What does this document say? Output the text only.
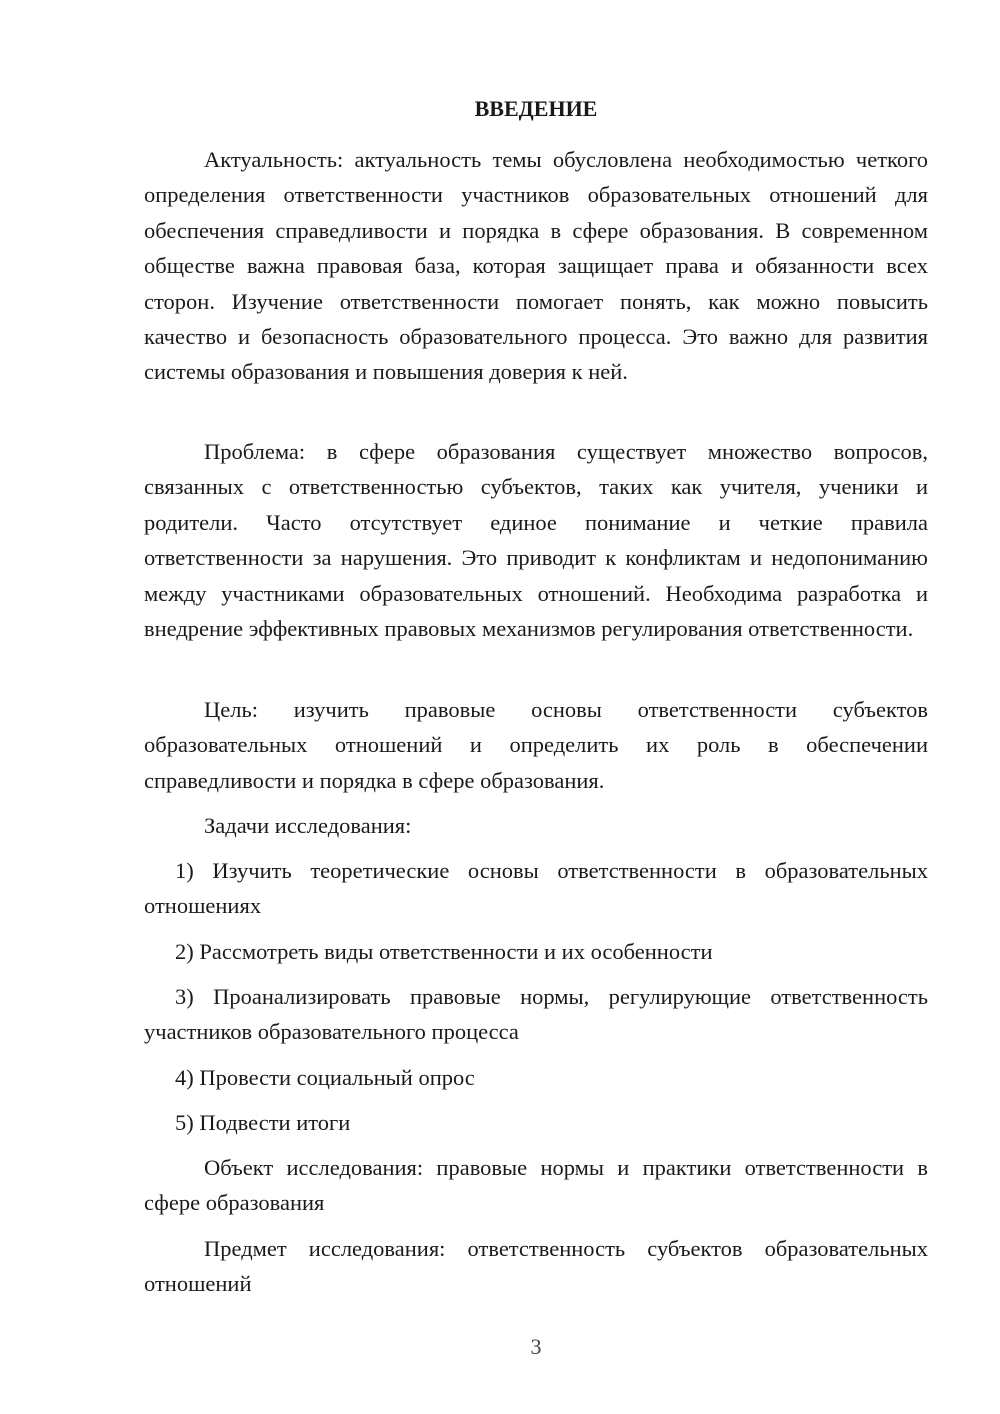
ВВЕДЕНИЕ

Актуальность: актуальность темы обусловлена необходимостью четкого определения ответственности участников образовательных отношений для обеспечения справедливости и порядка в сфере образования. В современном обществе важна правовая база, которая защищает права и обязанности всех сторон. Изучение ответственности помогает понять, как можно повысить качество и безопасность образовательного процесса. Это важно для развития системы образования и повышения доверия к ней.

Проблема: в сфере образования существует множество вопросов, связанных с ответственностью субъектов, таких как учителя, ученики и родители. Часто отсутствует единое понимание и четкие правила ответственности за нарушения. Это приводит к конфликтам и недопониманию между участниками образовательных отношений. Необходима разработка и внедрение эффективных правовых механизмов регулирования ответственности.

Цель: изучить правовые основы ответственности субъектов образовательных отношений и определить их роль в обеспечении справедливости и порядка в сфере образования.

Задачи исследования:

1) Изучить теоретические основы ответственности в образовательных отношениях

2) Рассмотреть виды ответственности и их особенности

3) Проанализировать правовые нормы, регулирующие ответственность участников образовательного процесса

4) Провести социальный опрос

5) Подвести итоги

Объект исследования: правовые нормы и практики ответственности в сфере образования

Предмет исследования: ответственность субъектов образовательных отношений

3
